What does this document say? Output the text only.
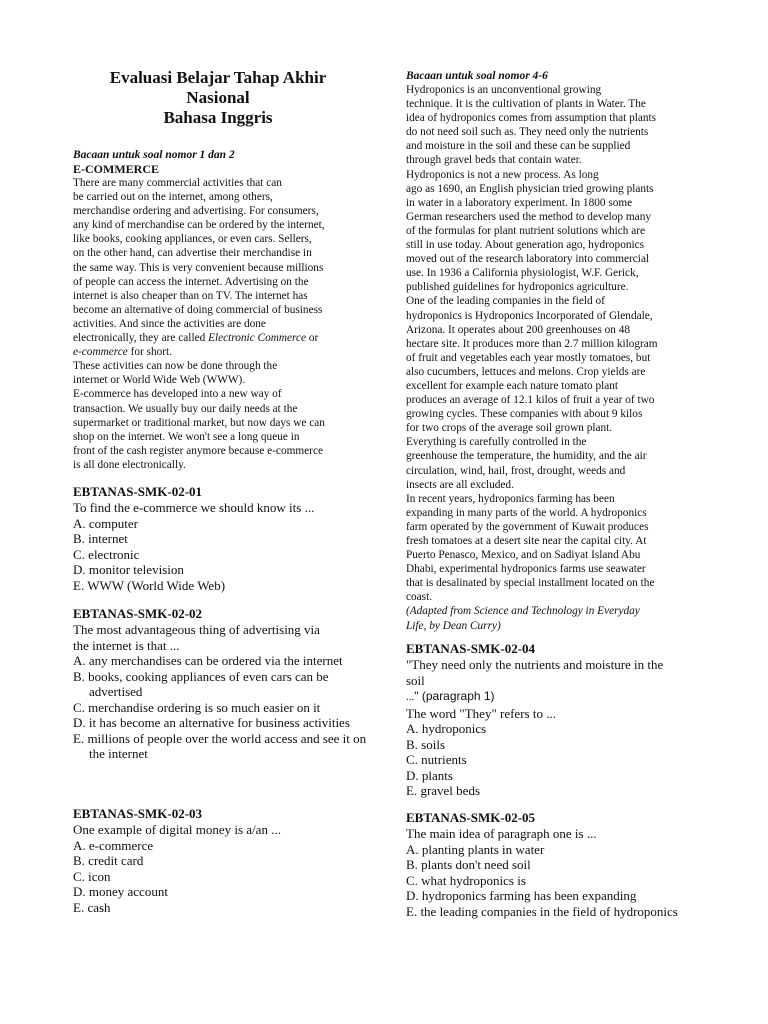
Evaluasi Belajar Tahap Akhir
Nasional
Bahasa Inggris
Bacaan untuk soal nomor 1 dan 2
E-COMMERCE

There are many commercial activities that can
be carried out on the internet, among others,
merchandise ordering and advertising. For consumers,
any kind of merchandise can be ordered by the internet,
like books, cooking appliances, or even cars. Sellers,
on the other hand, can advertise their merchandise in
the same way. This is very convenient because millions
of people can access the internet. Advertising on the
internet is also cheaper than on TV. The internet has
become an alternative of doing commercial of business
activities. And since the activities are done

electronically, they are called Electronic Commerce or
e-commerce for short.

These activities can now be done through the
internet or World Wide Web (WWW).
E-commerce has developed into a new way of
transaction. We usually buy our daily needs at the
supermarket or traditional market, but now days we can
shop on the internet. We won't see a long queue in
front of the cash register anymore because e-commerce
is all done electronically.

EBTANAS-SMK-02-01
To find the e-commerce we should know its ...
A. computer
B. internet
C. electronic
D. monitor television
E. WWW (World Wide Web)
EBTANAS-SMK-02-02
The most advantageous thing of advertising via
the internet is that ...
A. any merchandises can be ordered via the internet
B. books, cooking appliances of even cars can be advertised
C. merchandise ordering is so much easier on it
D. it has become an alternative for business activities
E. millions of people over the world access and see it on the internet
EBTANAS-SMK-02-03
One example of digital money is a/an ...
A. e-commerce
B. credit card
C. icon
D. money account
E. cash
Bacaan untuk soal nomor 4-6

Hydroponics is an unconventional growing
technique. It is the cultivation of plants in Water. The
idea of hydroponics comes from assumption that plants
do not need soil such as. They need only the nutrients
and moisture in the soil and these can be supplied
through gravel beds that contain water.
Hydroponics is not a new process. As long
ago as 1690, an English physician tried growing plants
in water in a laboratory experiment. In 1800 some
German researchers used the method to develop many
of the formulas for plant nutrient solutions which are
still in use today. About generation ago, hydroponics
moved out of the research laboratory into commercial
use. In 1936 a California physiologist, W.F. Gerick,
published guidelines for hydroponics agriculture.
One of the leading companies in the field of
hydroponics is Hydroponics Incorporated of Glendale,
Arizona. It operates about 200 greenhouses on 48
hectare site. It produces more than 2.7 million kilogram
of fruit and vegetables each year mostly tomatoes, but
also cucumbers, lettuces and melons. Crop yields are
excellent for example each nature tomato plant
produces an average of 12.1 kilos of fruit a year of two
growing cycles. These companies with about 9 kilos
for two crops of the average soil grown plant.
Everything is carefully controlled in the
greenhouse the temperature, the humidity, and the air
circulation, wind, hail, frost, drought, weeds and
insects are all excluded.
In recent years, hydroponics farming has been
expanding in many parts of the world. A hydroponics
farm operated by the government of Kuwait produces
fresh tomatoes at a desert site near the capital city. At
Puerto Penasco, Mexico, and on Sadiyat Island Abu
Dhabi, experimental hydroponics farms use seawater
that is desalinated by special installment located on the
coast.

(Adapted from Science and Technology in Everyday
Life, by Dean Curry)

EBTANAS-SMK-02-04
"They need only the nutrients and moisture in the
soil
..." (paragraph 1)
The word "They" refers to ...
A. hydroponics
B. soils
C. nutrients
D. plants
E. gravel beds
EBTANAS-SMK-02-05
The main idea of paragraph one is ...
A. planting plants in water
B. plants don't need soil
C. what hydroponics is
D. hydroponics farming has been expanding
E. the leading companies in the field of hydroponics
